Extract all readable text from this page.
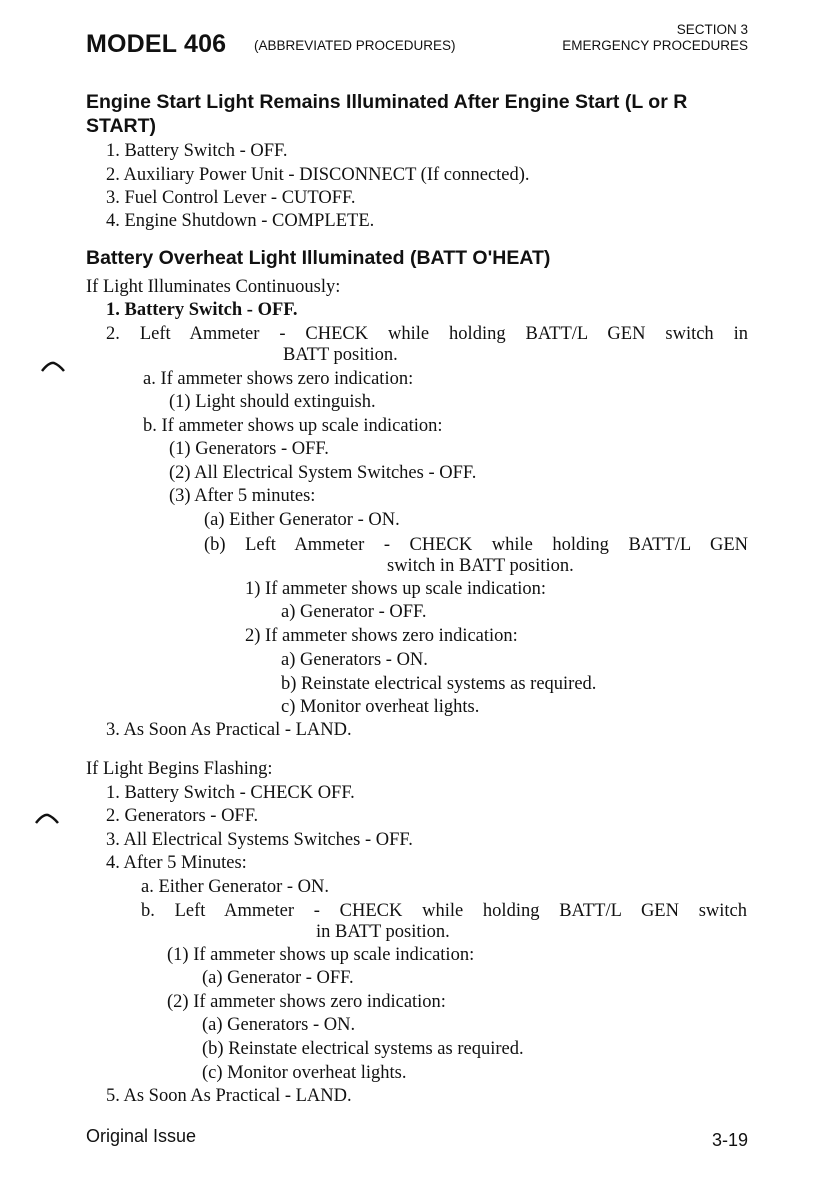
MODEL 406 (ABBREVIATED PROCEDURES)
SECTION 3
EMERGENCY PROCEDURES
Engine Start Light Remains Illuminated After Engine Start (L or R START)
1. Battery Switch - OFF.
2. Auxiliary Power Unit - DISCONNECT (If connected).
3. Fuel Control Lever - CUTOFF.
4. Engine Shutdown - COMPLETE.
Battery Overheat Light Illuminated (BATT O'HEAT)
If Light Illuminates Continuously:
1. Battery Switch - OFF.
2. Left Ammeter - CHECK while holding BATT/L GEN switch in
BATT position.
a. If ammeter shows zero indication:
(1) Light should extinguish.
b. If ammeter shows up scale indication:
(1) Generators - OFF.
(2) All Electrical System Switches - OFF.
(3) After 5 minutes:
(a) Either Generator - ON.
(b) Left Ammeter - CHECK while holding BATT/L GEN
switch in BATT position.
1) If ammeter shows up scale indication:
a) Generator - OFF.
2) If ammeter shows zero indication:
a) Generators - ON.
b) Reinstate electrical systems as required.
c) Monitor overheat lights.
3. As Soon As Practical - LAND.
If Light Begins Flashing:
1. Battery Switch - CHECK OFF.
2. Generators - OFF.
3. All Electrical Systems Switches - OFF.
4. After 5 Minutes:
a. Either Generator - ON.
b. Left Ammeter - CHECK while holding BATT/L GEN switch
in BATT position.
(1) If ammeter shows up scale indication:
(a) Generator - OFF.
(2) If ammeter shows zero indication:
(a) Generators - ON.
(b) Reinstate electrical systems as required.
(c) Monitor overheat lights.
5. As Soon As Practical - LAND.
Original Issue	3-19
